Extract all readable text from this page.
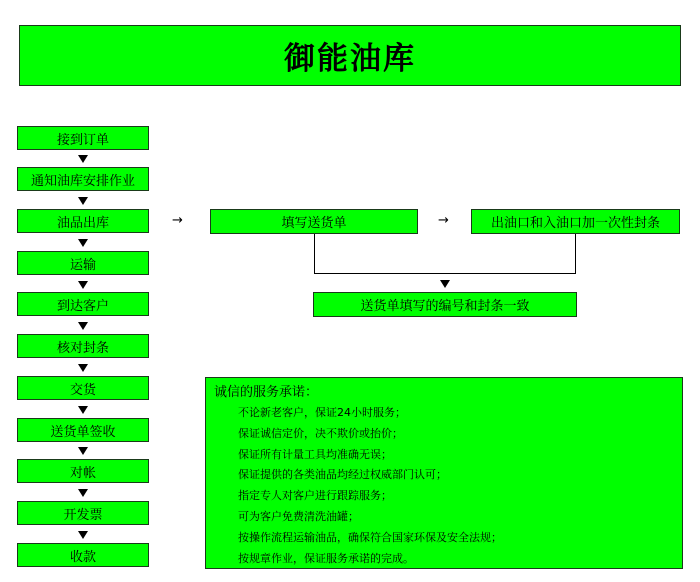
御能油库
接到订单
通知油库安排作业
油品出库
运输
到达客户
核对封条
交货
送货单签收
对帐
开发票
收款
→	填写送货单	→	出油口和入油口加一次性封条
送货单填写的编号和封条一致
诚信的服务承诺：
不论新老客户，保证24小时服务；
保证诚信定价，决不欺价或抬价；
保证所有计量工具均准确无误；
保证提供的各类油品均经过权威部门认可；
指定专人对客户进行跟踪服务；
可为客户免费清洗油罐；
按操作流程运输油品，确保符合国家环保及安全法规；
按规章作业，保证服务承诺的完成。
